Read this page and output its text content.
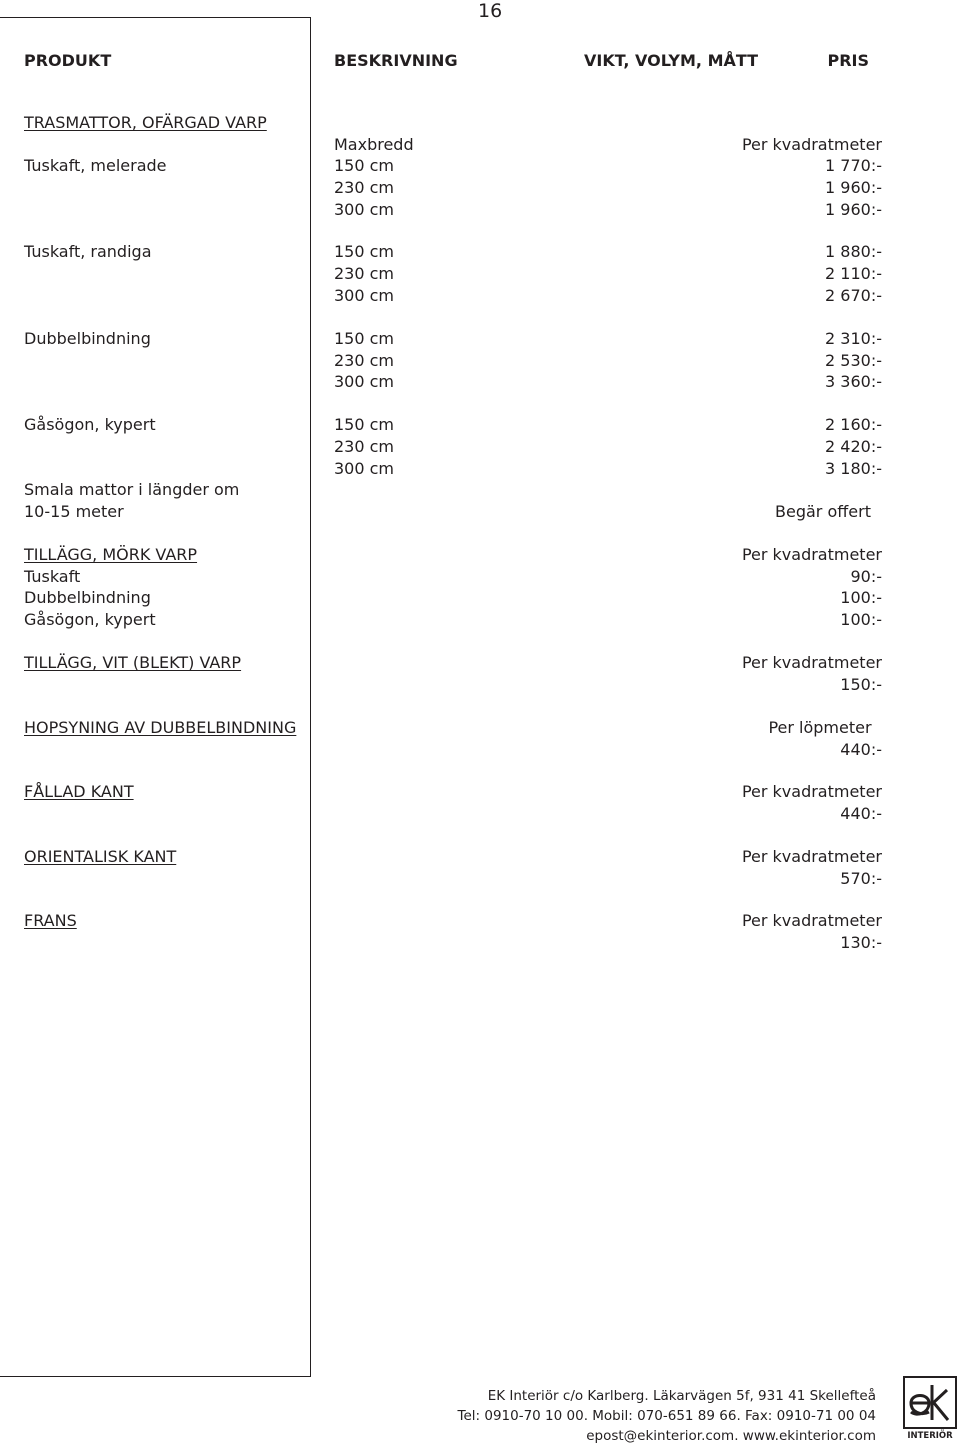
16
PRODUKT	BESKRIVNING	VIKT, VOLYM, MÅTT	PRIS
TRASMATTOR, OFÄRGAD VARP
Maxbredd	Per kvadratmeter
Tuskaft, melerade	150 cm	1 770:-
230 cm	1 960:-
300 cm	1 960:-
Tuskaft, randiga	150 cm	1 880:-
230 cm	2 110:-
300 cm	2 670:-
Dubbelbindning	150 cm	2 310:-
230 cm	2 530:-
300 cm	3 360:-
Gåsögon, kypert	150 cm	2 160:-
230 cm	2 420:-
300 cm	3 180:-
Smala mattor i längder om
10-15 meter	Begär offert
TILLÄGG, MÖRK VARP	Per kvadratmeter
Tuskaft	90:-
Dubbelbindning	100:-
Gåsögon, kypert	100:-
TILLÄGG, VIT (BLEKT) VARP	Per kvadratmeter
150:-
HOPSYNING AV DUBBELBINDNING	Per löpmeter
440:-
FÅLLAD KANT	Per kvadratmeter
440:-
ORIENTALISK KANT	Per kvadratmeter
570:-
FRANS	Per kvadratmeter
130:-
EK Interiör c/o Karlberg. Läkarvägen 5f, 931 41 Skellefteå
Tel: 0910-70 10 00. Mobil: 070-651 89 66. Fax: 0910-71 00 04
epost@ekinterior.com. www.ekinterior.com	INTERIÖR
